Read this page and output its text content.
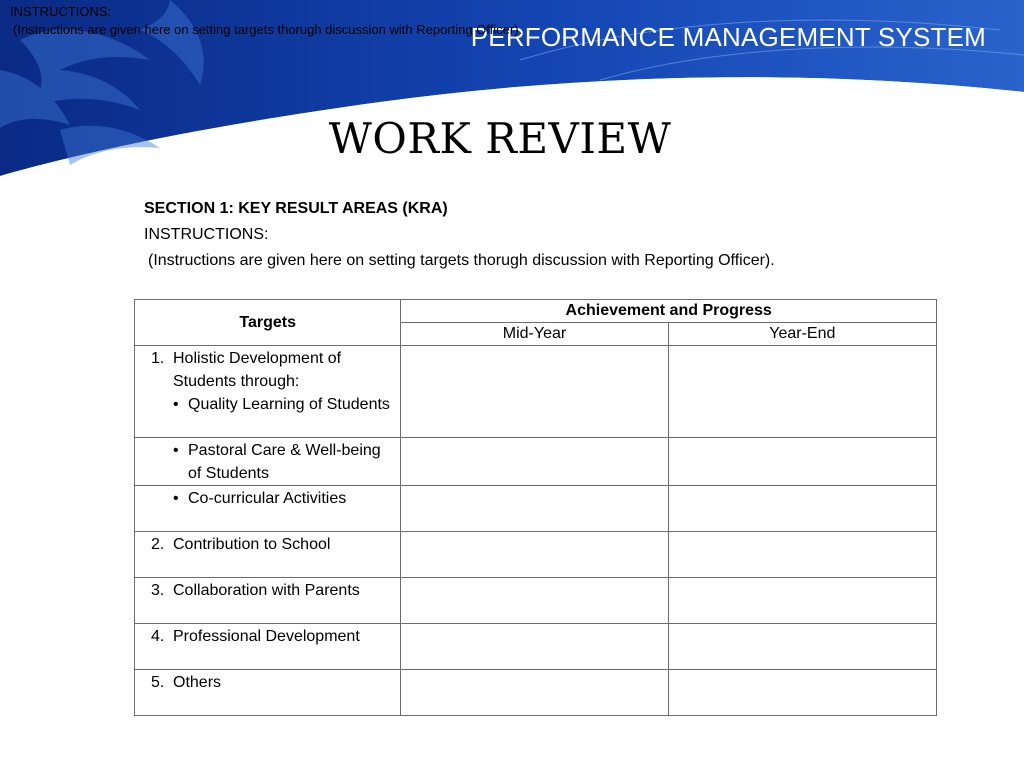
PERFORMANCE MANAGEMENT SYSTEM
INSTRUCTIONS:
(Instructions are given here on setting targets thorugh discussion with Reporting Officer).
WORK REVIEW
SECTION 1: KEY RESULT AREAS (KRA)
INSTRUCTIONS:
(Instructions are given here on setting targets thorugh discussion with Reporting Officer).
Targets	Achievement and Progress	
	Mid-Year	Year-End

1. Holistic Development of Students through:
• Quality Learning of Students		

• Pastoral Care & Well-being of Students		

• Co-curricular Activities		

2. Contribution to School		

3. Collaboration with Parents		

4. Professional Development		

5. Others		
